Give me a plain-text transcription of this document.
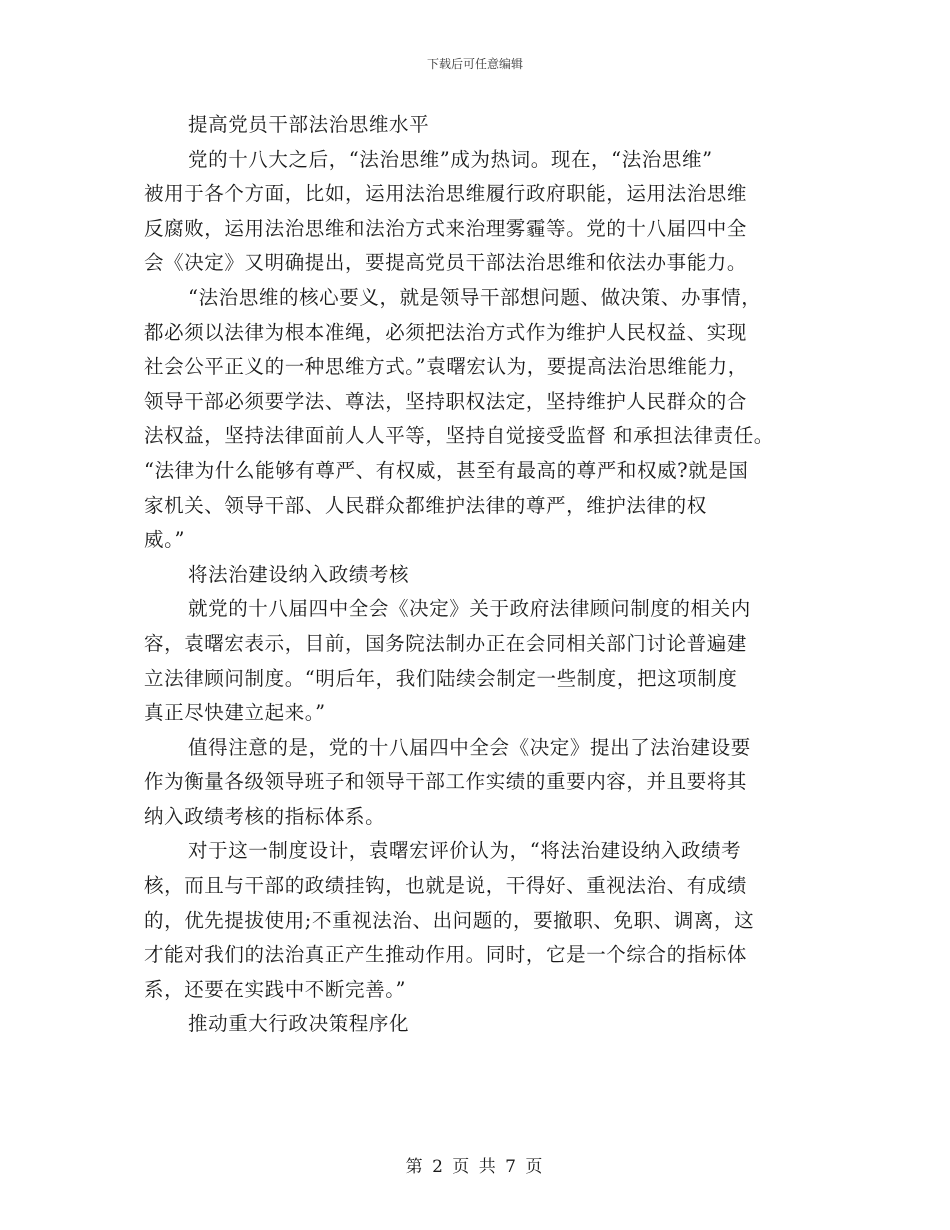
下载后可任意编辑
提高党员干部法治思维水平
党的十八大之后，“法治思维”成为热词。现在，“法治思维”
被用于各个方面，比如，运用法治思维履行政府职能，运用法治思维
反腐败，运用法治思维和法治方式来治理雾霾等。党的十八届四中全
会《决定》又明确提出，要提高党员干部法治思维和依法办事能力。
“法治思维的核心要义，就是领导干部想问题、做决策、办事情，
都必须以法律为根本准绳，必须把法治方式作为维护人民权益、实现
社会公平正义的一种思维方式。”袁曙宏认为，要提高法治思维能力，
领导干部必须要学法、尊法，坚持职权法定，坚持维护人民群众的合
法权益，坚持法律面前人人平等，坚持自觉接受监督 和承担法律责任。
“法律为什么能够有尊严、有权威，甚至有最高的尊严和权威?就是国
家机关、领导干部、人民群众都维护法律的尊严，维护法律的权
威。”
将法治建设纳入政绩考核
就党的十八届四中全会《决定》关于政府法律顾问制度的相关内
容，袁曙宏表示，目前，国务院法制办正在会同相关部门讨论普遍建
立法律顾问制度。“明后年，我们陆续会制定一些制度，把这项制度
真正尽快建立起来。”
值得注意的是，党的十八届四中全会《决定》提出了法治建设要
作为衡量各级领导班子和领导干部工作实绩的重要内容，并且要将其
纳入政绩考核的指标体系。
对于这一制度设计，袁曙宏评价认为，“将法治建设纳入政绩考
核，而且与干部的政绩挂钩，也就是说，干得好、重视法治、有成绩
的，优先提拔使用;不重视法治、出问题的，要撤职、免职、调离，这
才能对我们的法治真正产生推动作用。同时，它是一个综合的指标体
系，还要在实践中不断完善。”
推动重大行政决策程序化
第 2 页 共 7 页
